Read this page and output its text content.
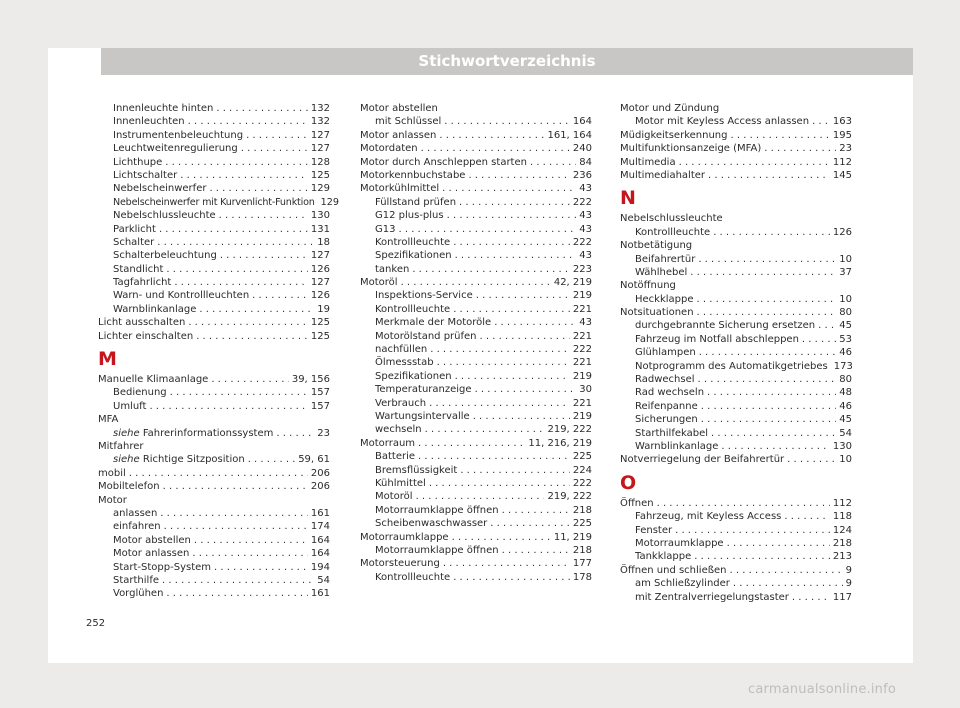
Stichwortverzeichnis
Innenleuchte hinten . . .	132
Innenleuchten . . .	132
Instrumentenbeleuchtung . . .	127
Leuchtweitenregulierung . . .	127
Lichthupe . . .	128
Lichtschalter . . .	125
Nebelscheinwerfer . . .	129
Nebelscheinwerfer mit Kurvenlicht-Funktion 129
Nebelschlussleuchte . . .	130
Parklicht . . .	131
Schalter . . .	18
Schalterbeleuchtung . . .	127
Standlicht . . .	126
Tagfahrlicht . . .	127
Warn- und Kontrollleuchten . . .	126
Warnblinkanlage . . .	19
Licht ausschalten . . .	125
Lichter einschalten . . .	125
M
Manuelle Klimaanlage . . .	39, 156
Bedienung . . .	157
Umluft . . .	157
MFA
siehe Fahrerinformationssystem . . .	23
Mitfahrer
siehe Richtige Sitzposition . . .	59, 61
mobil . . .	206
Mobiltelefon . . .	206
Motor
anlassen . . .	161
einfahren . . .	174
Motor abstellen . . .	164
Motor anlassen . . .	164
Start-Stopp-System . . .	194
Starthilfe . . .	54
Vorglühen . . .	161
Motor abstellen
mit Schlüssel . . .	164
Motor anlassen . . .	161, 164
Motordaten . . .	240
Motor durch Anschleppen starten . . .	84
Motorkennbuchstabe . . .	236
Motorkühlmittel . . .	43
Füllstand prüfen . . .	222
G12 plus-plus . . .	43
G13 . . .	43
Kontrollleuchte . . .	222
Spezifikationen . . .	43
tanken . . .	223
Motoröl . . .	42, 219
Inspektions-Service . . .	219
Kontrollleuchte . . .	221
Merkmale der Motoröle . . .	43
Motorölstand prüfen . . .	221
nachfüllen . . .	222
Ölmessstab . . .	221
Spezifikationen . . .	219
Temperaturanzeige . . .	30
Verbrauch . . .	221
Wartungsintervalle . . .	219
wechseln . . .	219, 222
Motorraum . . .	11, 216, 219
Batterie . . .	225
Bremsflüssigkeit . . .	224
Kühlmittel . . .	222
Motoröl . . .	219, 222
Motorraumklappe öffnen . . .	218
Scheibenwaschwasser . . .	225
Motorraumklappe . . .	11, 219
Motorraumklappe öffnen . . .	218
Motorsteuerung . . .	177
Kontrollleuchte . . .	178
Motor und Zündung
Motor mit Keyless Access anlassen . . . 163
Müdigkeitserkennung . . .	195
Multifunktionsanzeige (MFA) . . .	23
Multimedia . . .	112
Multimediahalter . . .	145
N
Nebelschlussleuchte
Kontrollleuchte . . .	126
Notbetätigung
Beifahrertür . . .	10
Wählhebel . . .	37
Notöffnung
Heckklappe . . .	10
Notsituationen . . .	80
durchgebrannte Sicherung ersetzen . . . 45
Fahrzeug im Notfall abschleppen . . .	53
Glühlampen . . .	46
Notprogramm des Automatikgetriebes 173
Radwechsel . . .	80
Rad wechseln . . .	48
Reifenpanne . . .	46
Sicherungen . . .	45
Starthilfekabel . . .	54
Warnblinkanlage . . .	130
Notverriegelung der Beifahrertür . . .	10
O
Öffnen . . .	112
Fahrzeug, mit Keyless Access . . .	118
Fenster . . .	124
Motorraumklappe . . .	218
Tankklappe . . .	213
Öffnen und schließen . . .	9
am Schließzylinder . . .	9
mit Zentralverriegelungstaster . . .	117
252
carmanualsonline.info
